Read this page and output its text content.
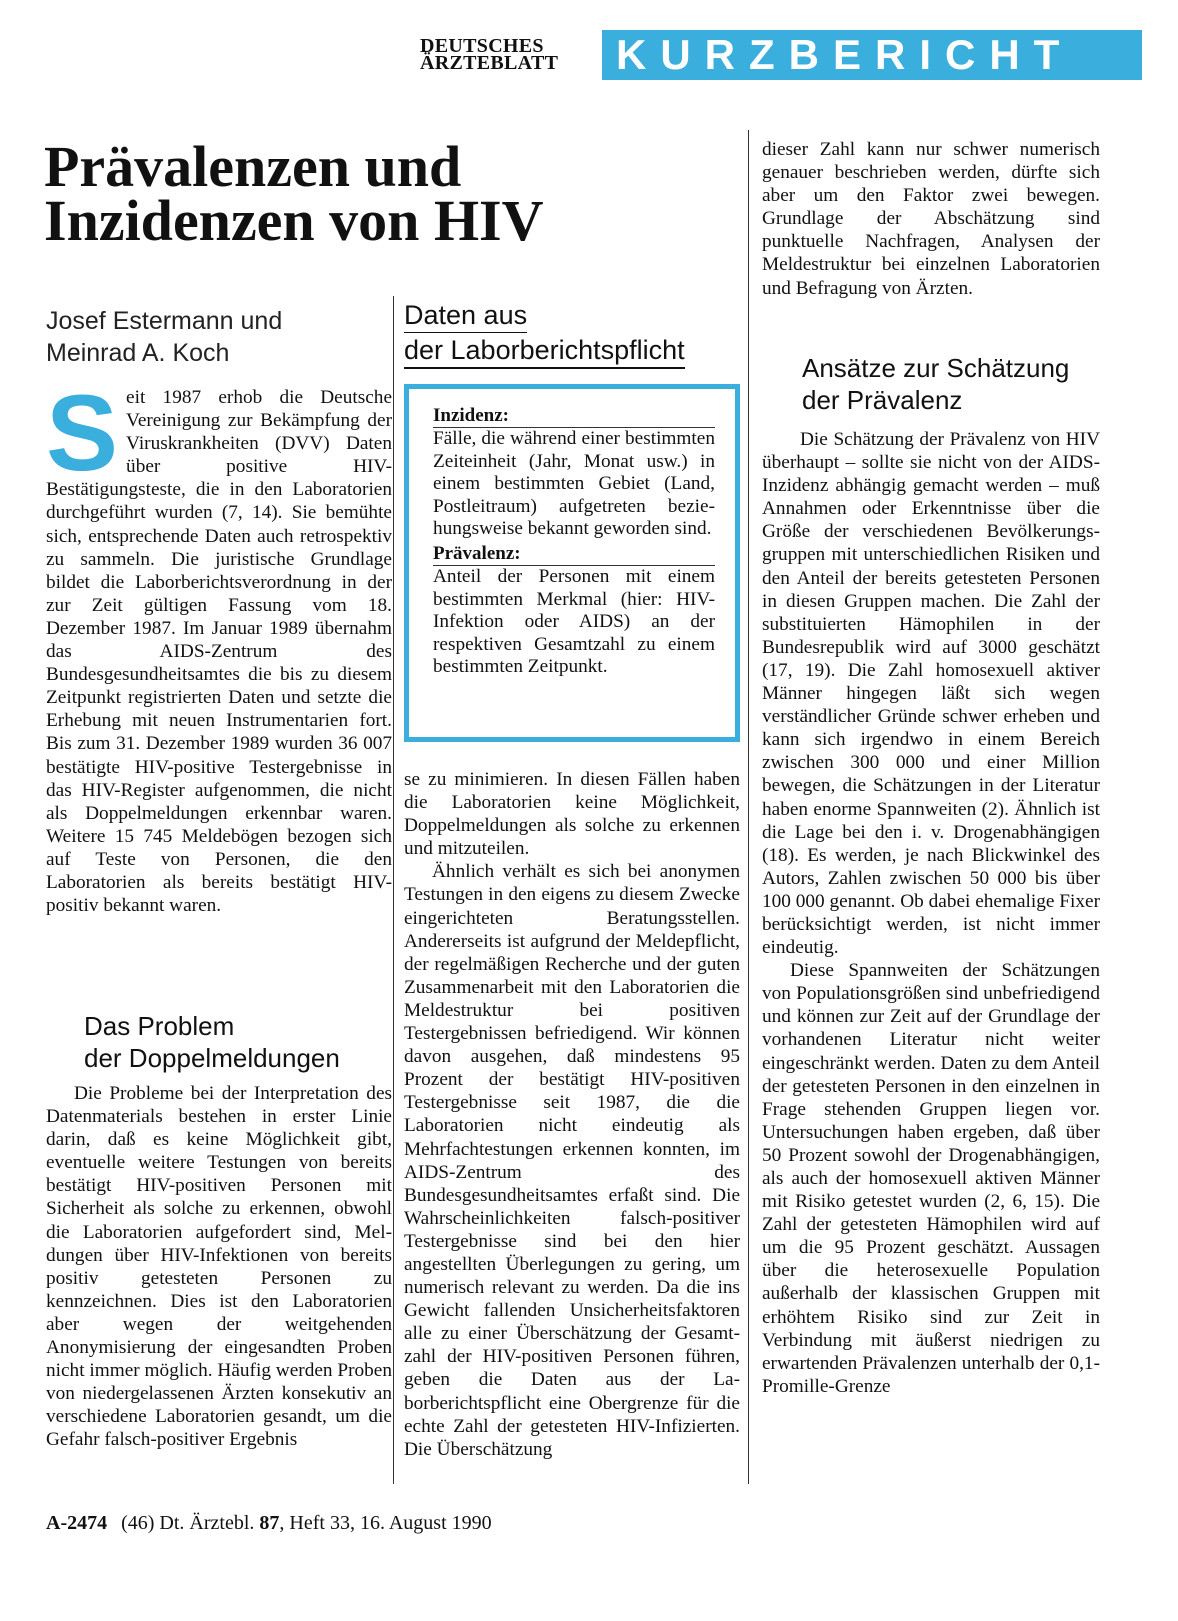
DEUTSCHES
ÄRZTEBLATT	KURZBERICHT
Prävalenzen und
Inzidenzen von HIV
Josef Estermann und
Meinrad A. Koch
S eit 1987 erhob die Deutsche Vereinigung zur Bekämpfung der Viruskrankheiten (DVV) Daten über positive HIV-Bestätigungsteste, die in den Laboratorien durchgeführt wurden (7, 14). Sie bemühte sich, entsprechende Daten auch retrospektiv zu sammeln. Die juristische Grundlage bildet die Laborberichtsverordnung in der zur Zeit gültigen Fassung vom 18. Dezember 1987. Im Januar 1989 übernahm das AIDS-Zentrum des Bundesgesundheitsamtes die bis zu diesem Zeitpunkt registrierten Daten und setzte die Erhebung mit neuen Instrumentarien fort. Bis zum 31. Dezember 1989 wurden 36 007 bestätigte HIV-positive Testergebnisse in das HIV-Register aufgenommen, die nicht als Doppelmeldungen erkennbar waren. Weitere 15 745 Meldebögen bezogen sich auf Teste von Personen, die den Laboratorien als bereits bestätigt HIV-positiv bekannt waren.

Das Problem
der Doppelmeldungen

Die Probleme bei der Interpretation des Datenmaterials bestehen in erster Linie darin, daß es keine Möglichkeit gibt, eventuelle weitere Testungen von bereits bestätigt HIV-positiven Personen mit Sicherheit als solche zu erkennen, obwohl die Laboratorien aufgefordert sind, Meldungen über HIV-Infektionen von bereits positiv getesteten Personen zu kennzeichnen. Dies ist den Laboratorien aber wegen der weitgehenden Anonymisierung der eingesandten Proben nicht immer möglich. Häufig werden Proben von niedergelassenen Ärzten konsekutiv an verschiedene Laboratorien gesandt, um die Gefahr falsch-positiver Ergebnis

Daten aus
der Laborberichtspflicht
Inzidenz:
Fälle, die während einer bestimmten Zeiteinheit (Jahr, Monat usw.) in einem bestimmten Gebiet (Land, Postleitraum) aufgetreten beziehungsweise bekannt geworden sind.
Prävalenz:
Anteil der Personen mit einem bestimmten Merkmal (hier: HIV-Infektion oder AIDS) an der respektiven Gesamtzahl zu einem bestimmten Zeitpunkt.

se zu minimieren. In diesen Fällen haben die Laboratorien keine Möglichkeit, Doppelmeldungen als solche zu erkennen und mitzuteilen.

Ähnlich verhält es sich bei anonymen Testungen in den eigens zu diesem Zwecke eingerichteten Beratungsstellen. Andererseits ist aufgrund der Meldepflicht, der regelmäßigen Recherche und der guten Zusammenarbeit mit den Laboratorien die Meldestruktur bei positiven Testergebnissen befriedigend. Wir können davon ausgehen, daß mindestens 95 Prozent der bestätigt HIV-positiven Testergebnisse seit 1987, die die Laboratorien nicht eindeutig als Mehrfachtestungen erkennen konnten, im AIDS-Zentrum des Bundesgesundheitsamtes erfaßt sind. Die Wahrscheinlichkeiten falsch-positiver Testergebnisse sind bei den hier angestellten Überlegungen zu gering, um numerisch relevant zu werden. Da die ins Gewicht fallenden Unsicherheitsfaktoren alle zu einer Überschätzung der Gesamtzahl der HIV-positiven Personen führen, geben die Daten aus der Laborberichtspflicht eine Obergrenze für die echte Zahl der getesteten HIV-Infizierten. Die Überschätzung

dieser Zahl kann nur schwer numerisch genauer beschrieben werden, dürfte sich aber um den Faktor zwei bewegen. Grundlage der Abschätzung sind punktuelle Nachfragen, Analysen der Meldestruktur bei einzelnen Laboratorien und Befragung von Ärzten.

Ansätze zur Schätzung
der Prävalenz

Die Schätzung der Prävalenz von HIV überhaupt – sollte sie nicht von der AIDS-Inzidenz abhängig gemacht werden – muß Annahmen oder Erkenntnisse über die Größe der verschiedenen Bevölkerungsgruppen mit unterschiedlichen Risiken und den Anteil der bereits getesteten Personen in diesen Gruppen machen. Die Zahl der substituierten Hämophilen in der Bundesrepublik wird auf 3000 geschätzt (17, 19). Die Zahl homosexuell aktiver Männer hingegen läßt sich wegen verständlicher Gründe schwer erheben und kann sich irgendwo in einem Bereich zwischen 300 000 und einer Million bewegen, die Schätzungen in der Literatur haben enorme Spannweiten (2). Ähnlich ist die Lage bei den i. v. Drogenabhängigen (18). Es werden, je nach Blickwinkel des Autors, Zahlen zwischen 50 000 bis über 100 000 genannt. Ob dabei ehemalige Fixer berücksichtigt werden, ist nicht immer eindeutig.

Diese Spannweiten der Schätzungen von Populationsgrößen sind unbefriedigend und können zur Zeit auf der Grundlage der vorhandenen Literatur nicht weiter eingeschränkt werden. Daten zu dem Anteil der getesteten Personen in den einzelnen in Frage stehenden Gruppen liegen vor. Untersuchungen haben ergeben, daß über 50 Prozent sowohl der Drogenabhängigen, als auch der homosexuell aktiven Männer mit Risiko getestet wurden (2, 6, 15). Die Zahl der getesteten Hämophilen wird auf um die 95 Prozent geschätzt. Aussagen über die heterosexuelle Population außerhalb der klassischen Gruppen mit erhöhtem Risiko sind zur Zeit in Verbindung mit äußerst niedrigen zu erwartenden Prävalenzen unterhalb der 0,1-Promille-Grenze

A-2474 (46) Dt. Ärztebl. 87, Heft 33, 16. August 1990
